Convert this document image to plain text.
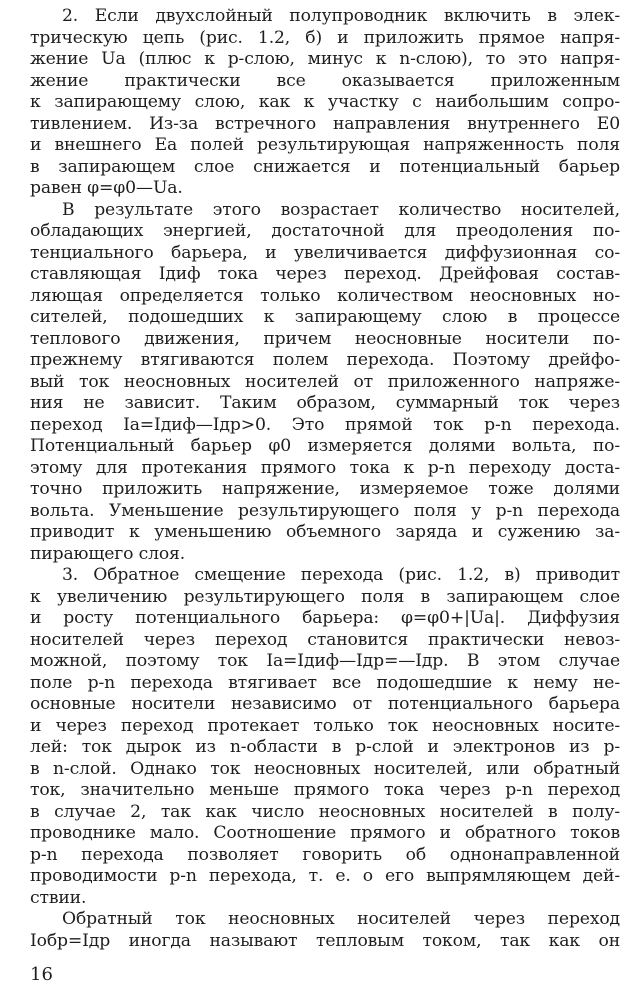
2. Если двухслойный полупроводник включить в элек-
трическую цепь (рис. 1.2, б) и приложить прямое напря-
жение Uа (плюс к p-слою, минус к n-слою), то это напря-
жение практически все оказывается приложенным
к запирающему слою, как к участку с наибольшим сопро-
тивлением. Из-за встречного направления внутреннего E0
и внешнего Eа полей результирующая напряженность поля
в запирающем слое снижается и потенциальный барьер
равен φ=φ0—Uа.
В результате этого возрастает количество носителей,
обладающих энергией, достаточной для преодоления по-
тенциального барьера, и увеличивается диффузионная со-
ставляющая Iдиф тока через переход. Дрейфовая состав-
ляющая определяется только количеством неосновных но-
сителей, подошедших к запирающему слою в процессе
теплового движения, причем неосновные носители по-
прежнему втягиваются полем перехода. Поэтому дрейфо-
вый ток неосновных носителей от приложенного напряже-
ния не зависит. Таким образом, суммарный ток через
переход Iа=Iдиф—Iдр>0. Это прямой ток p-n перехода.
Потенциальный барьер φ0 измеряется долями вольта, по-
этому для протекания прямого тока к p-n переходу доста-
точно приложить напряжение, измеряемое тоже долями
вольта. Уменьшение результирующего поля у p-n перехода
приводит к уменьшению объемного заряда и сужению за-
пирающего слоя.
3. Обратное смещение перехода (рис. 1.2, в) приводит
к увеличению результирующего поля в запирающем слое
и росту потенциального барьера: φ=φ0+|Uа|. Диффузия
носителей через переход становится практически невоз-
можной, поэтому ток Iа=Iдиф—Iдр=—Iдр. В этом случае
поле p-n перехода втягивает все подошедшие к нему не-
основные носители независимо от потенциального барьера
и через переход протекает только ток неосновных носите-
лей: ток дырок из n-области в p-слой и электронов из p-
в n-слой. Однако ток неосновных носителей, или обратный
ток, значительно меньше прямого тока через p-n переход
в случае 2, так как число неосновных носителей в полу-
проводнике мало. Соотношение прямого и обратного токов
p-n перехода позволяет говорить об однонаправленной
проводимости p-n перехода, т. е. о его выпрямляющем дей-
ствии.
Обратный ток неосновных носителей через переход
Iобр=Iдр иногда называют тепловым током, так как он
16
